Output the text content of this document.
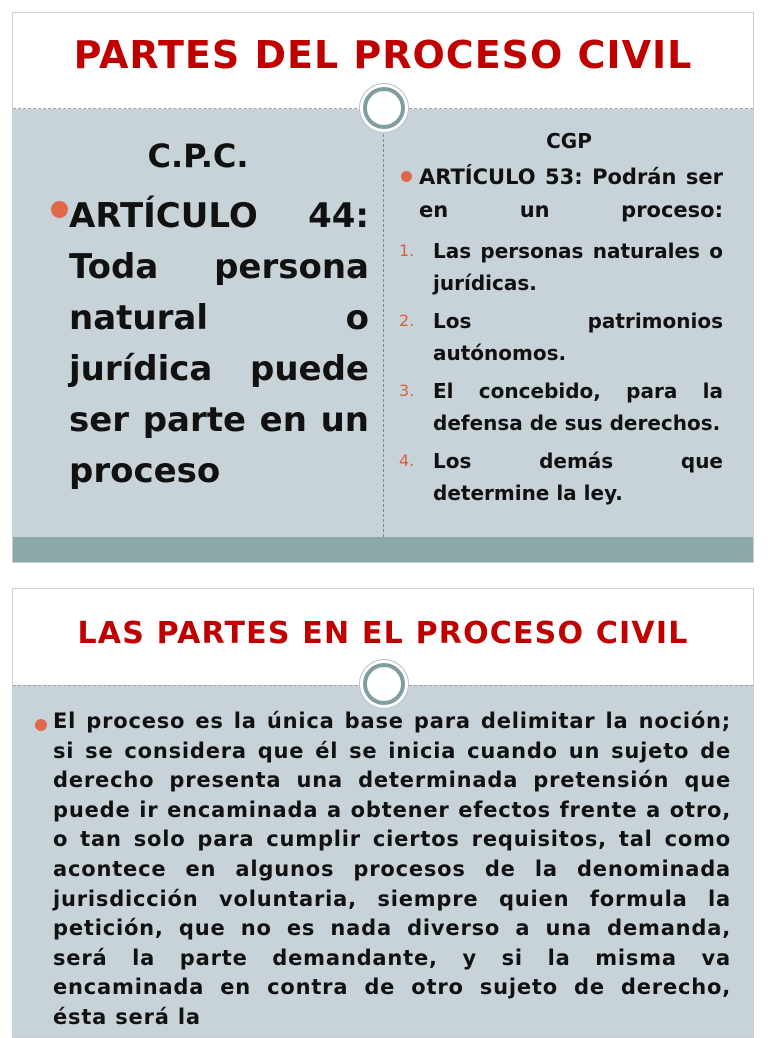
PARTES DEL PROCESO CIVIL
C.P.C.
ARTÍCULO 44: Toda persona natural o jurídica puede ser parte en un proceso
CGP
ARTÍCULO 53: Podrán ser en un proceso:
1. Las personas naturales o jurídicas.
2. Los patrimonios autónomos.
3. El concebido, para la defensa de sus derechos.
4. Los demás que determine la ley.
LAS PARTES EN EL PROCESO CIVIL
El proceso es la única base para delimitar la noción; si se considera que él se inicia cuando un sujeto de derecho presenta una determinada pretensión que puede ir encaminada a obtener efectos frente a otro, o tan solo para cumplir ciertos requisitos, tal como acontece en algunos procesos de la denominada jurisdicción voluntaria, siempre quien formula la petición, que no es nada diverso a una demanda, será la parte demandante, y si la misma va encaminada en contra de otro sujeto de derecho, ésta será la
